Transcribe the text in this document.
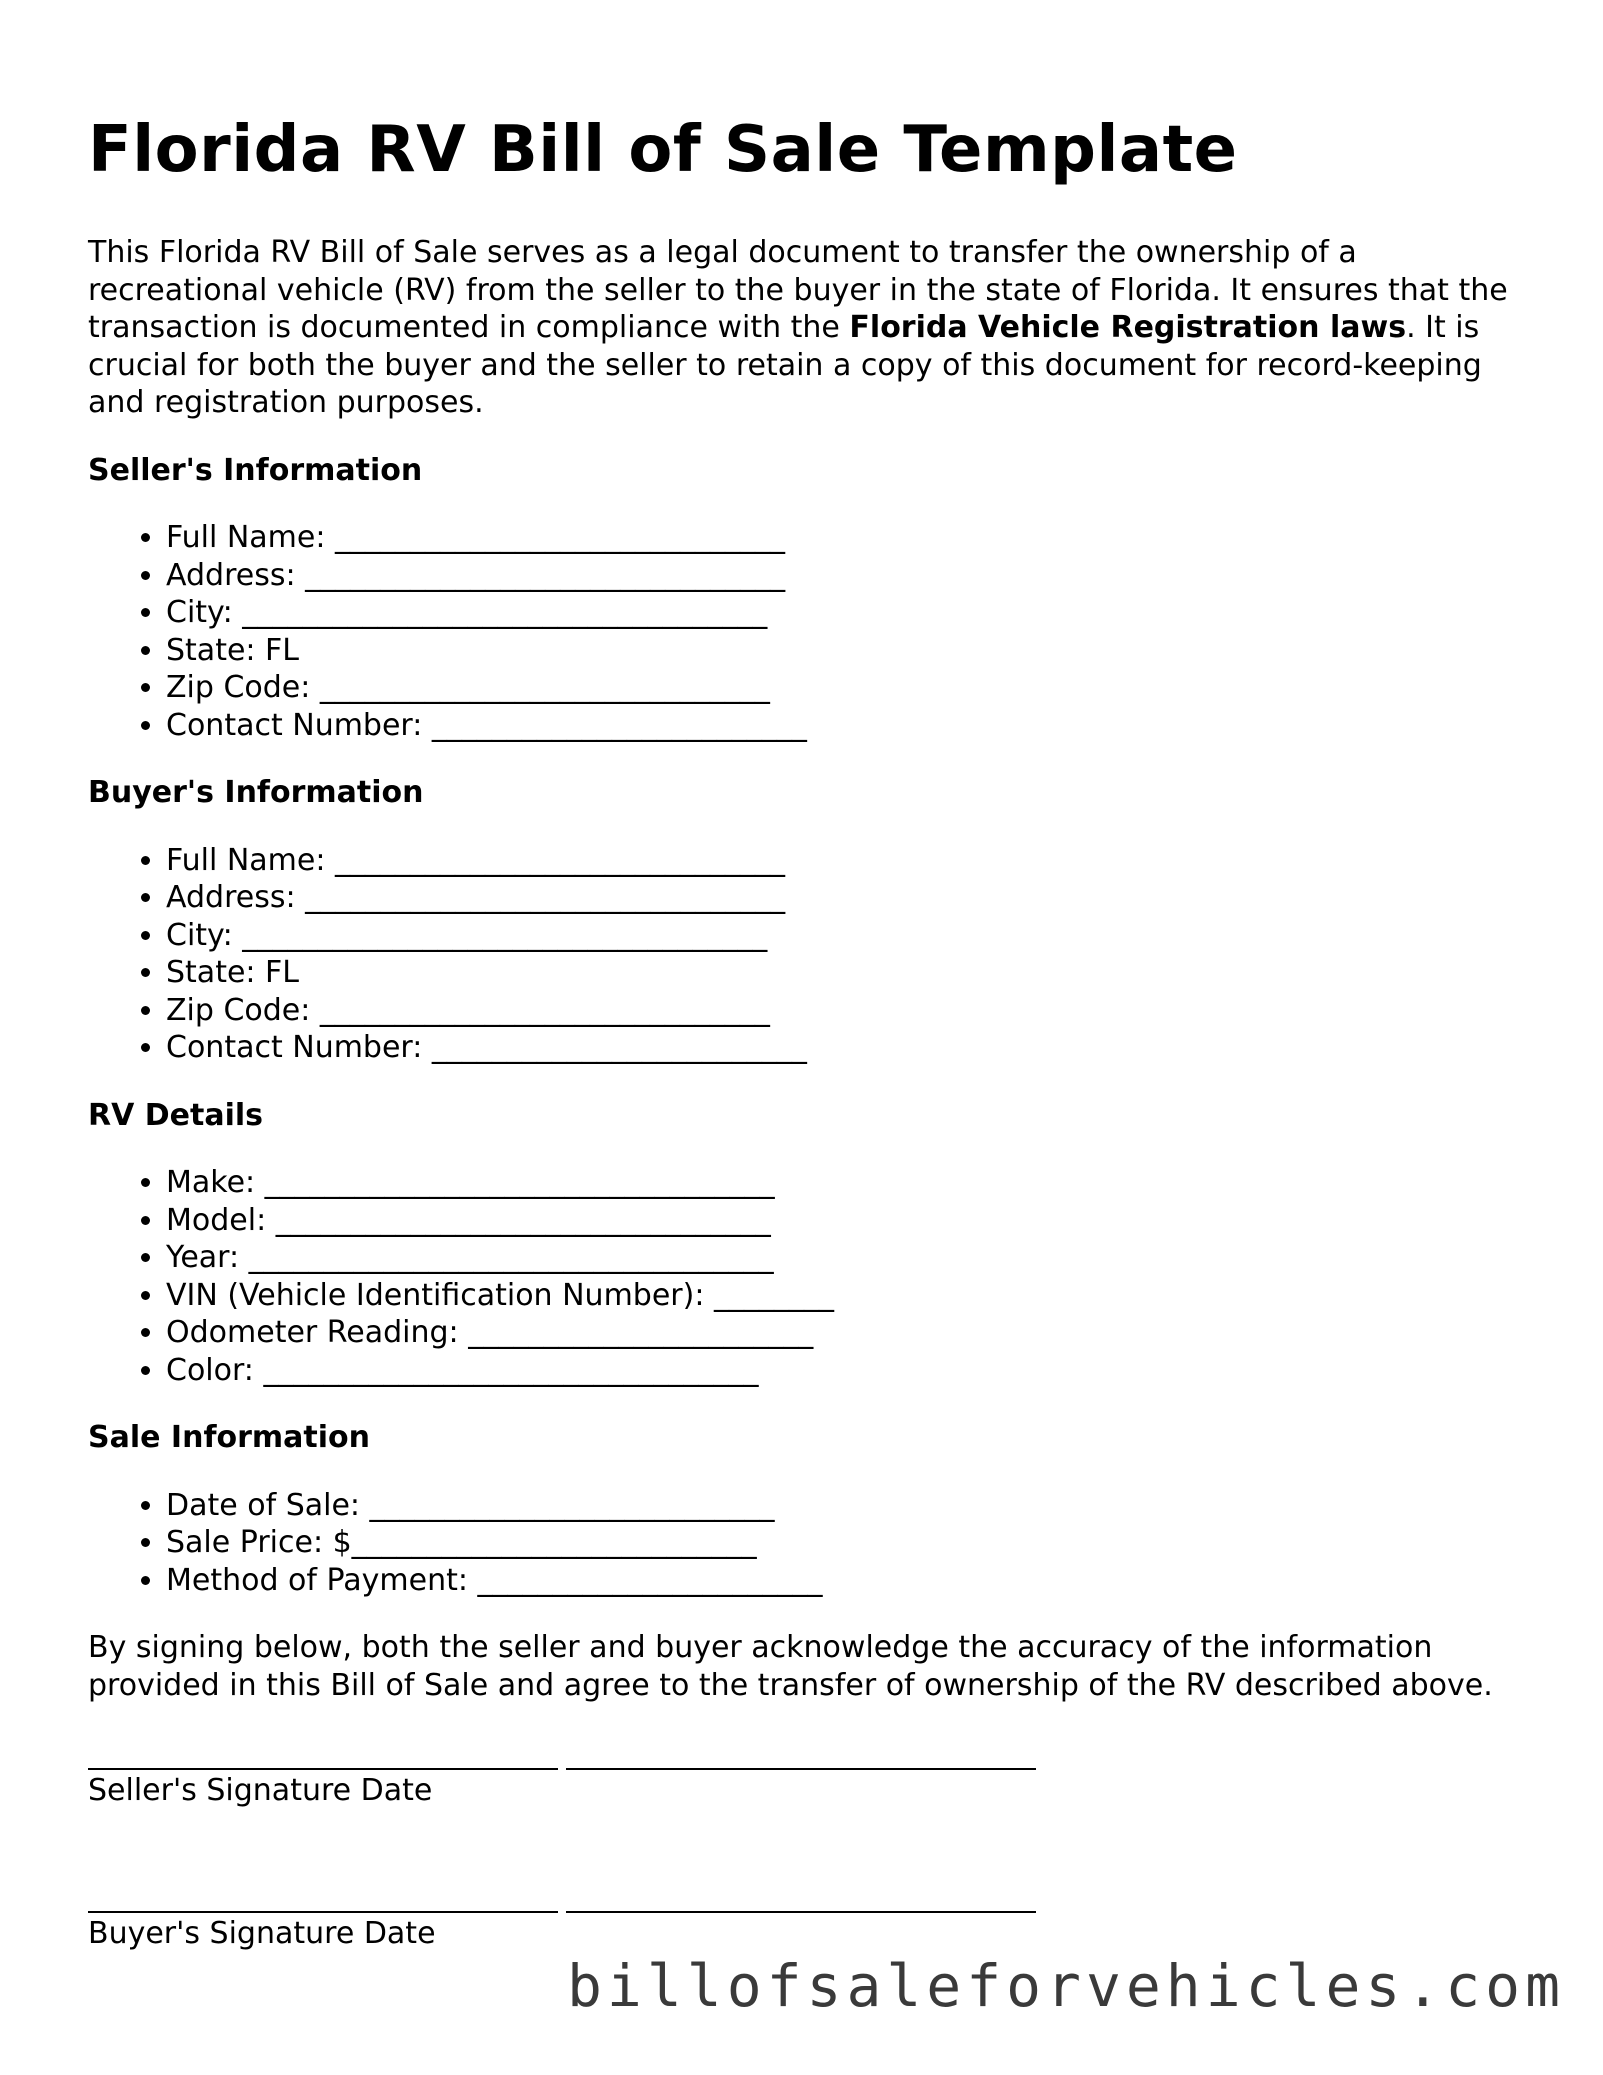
Florida RV Bill of Sale Template

This Florida RV Bill of Sale serves as a legal document to transfer the ownership of a recreational vehicle (RV) from the seller to the buyer in the state of Florida. It ensures that the transaction is documented in compliance with the Florida Vehicle Registration laws. It is crucial for both the buyer and the seller to retain a copy of this document for record-keeping and registration purposes.

Seller's Information
• Full Name: ______________________________
• Address: ________________________________
• City: ___________________________________
• State: FL
• Zip Code: ______________________________
• Contact Number: _________________________
Buyer's Information
• Full Name: ______________________________
• Address: ________________________________
• City: ___________________________________
• State: FL
• Zip Code: ______________________________
• Contact Number: _________________________
RV Details
• Make: __________________________________
• Model: _________________________________
• Year: ___________________________________
• VIN (Vehicle Identification Number): ________
• Odometer Reading: _______________________
• Color: _________________________________
Sale Information
• Date of Sale: ___________________________
• Sale Price: $___________________________
• Method of Payment: _______________________

By signing below, both the seller and buyer acknowledge the accuracy of the information provided in this Bill of Sale and agree to the transfer of ownership of the RV described above.

Seller's Signature Date

Buyer's Signature Date

billofsaleforvehicles.com
